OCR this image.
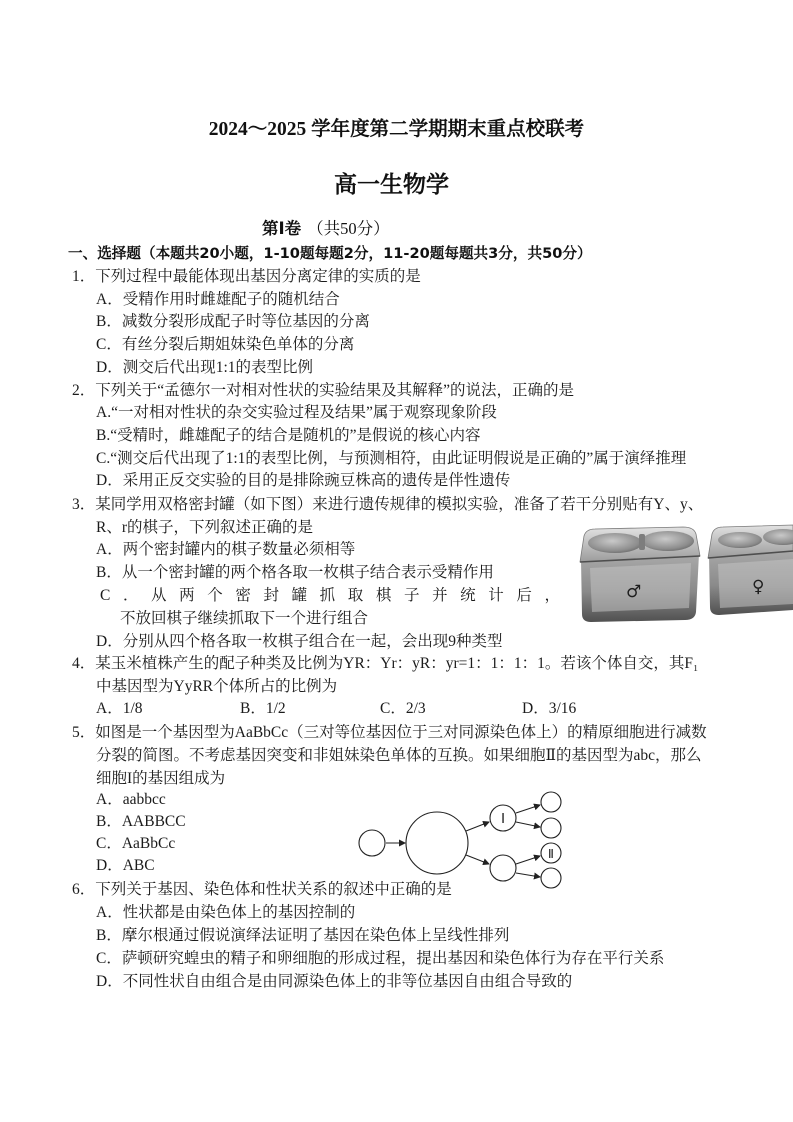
2024～2025 学年度第二学期期末重点校联考
高一生物学
第Ⅰ卷 （共50分）
一、选择题（本题共20小题，1-10题每题2分，11-20题每题共3分，共50分）
1．下列过程中最能体现出基因分离定律的实质的是
A．受精作用时雌雄配子的随机结合
B．减数分裂形成配子时等位基因的分离
C．有丝分裂后期姐妹染色单体的分离
D．测交后代出现1:1的表型比例
2．下列关于“孟德尔一对相对性状的实验结果及其解释”的说法，正确的是
A.“一对相对性状的杂交实验过程及结果”属于观察现象阶段
B.“受精时，雌雄配子的结合是随机的”是假说的核心内容
C.“测交后代出现了1:1的表型比例，与预测相符，由此证明假说是正确的”属于演绎推理
D．采用正反交实验的目的是排除豌豆株高的遗传是伴性遗传
3．某同学用双格密封罐（如下图）来进行遗传规律的模拟实验，准备了若干分别贴有Y、y、
R、r的棋子，下列叙述正确的是
A．两个密封罐内的棋子数量必须相等
B．从一个密封罐的两个格各取一枚棋子结合表示受精作用
C．从两个密封罐抓取棋子并统计后，
不放回棋子继续抓取下一个进行组合
D．分别从四个格各取一枚棋子组合在一起，会出现9种类型
♂	♀
4．某玉米植株产生的配子种类及比例为YR：Yr：yR：yr=1：1：1：1。若该个体自交，其F₁
中基因型为YyRR个体所占的比例为
A．1/8	B．1/2	C．2/3	D．3/16
5．如图是一个基因型为AaBbCc（三对等位基因位于三对同源染色体上）的精原细胞进行减数
分裂的简图。不考虑基因突变和非姐妹染色单体的互换。如果细胞Ⅱ的基因型为abc，那么
细胞I的基因组成为
A．aabbcc
B．AABBCC
C．AaBbCc
D．ABC
Ⅰ
Ⅱ
6．下列关于基因、染色体和性状关系的叙述中正确的是
A．性状都是由染色体上的基因控制的
B．摩尔根通过假说演绎法证明了基因在染色体上呈线性排列
C．萨顿研究蝗虫的精子和卵细胞的形成过程，提出基因和染色体行为存在平行关系
D．不同性状自由组合是由同源染色体上的非等位基因自由组合导致的
